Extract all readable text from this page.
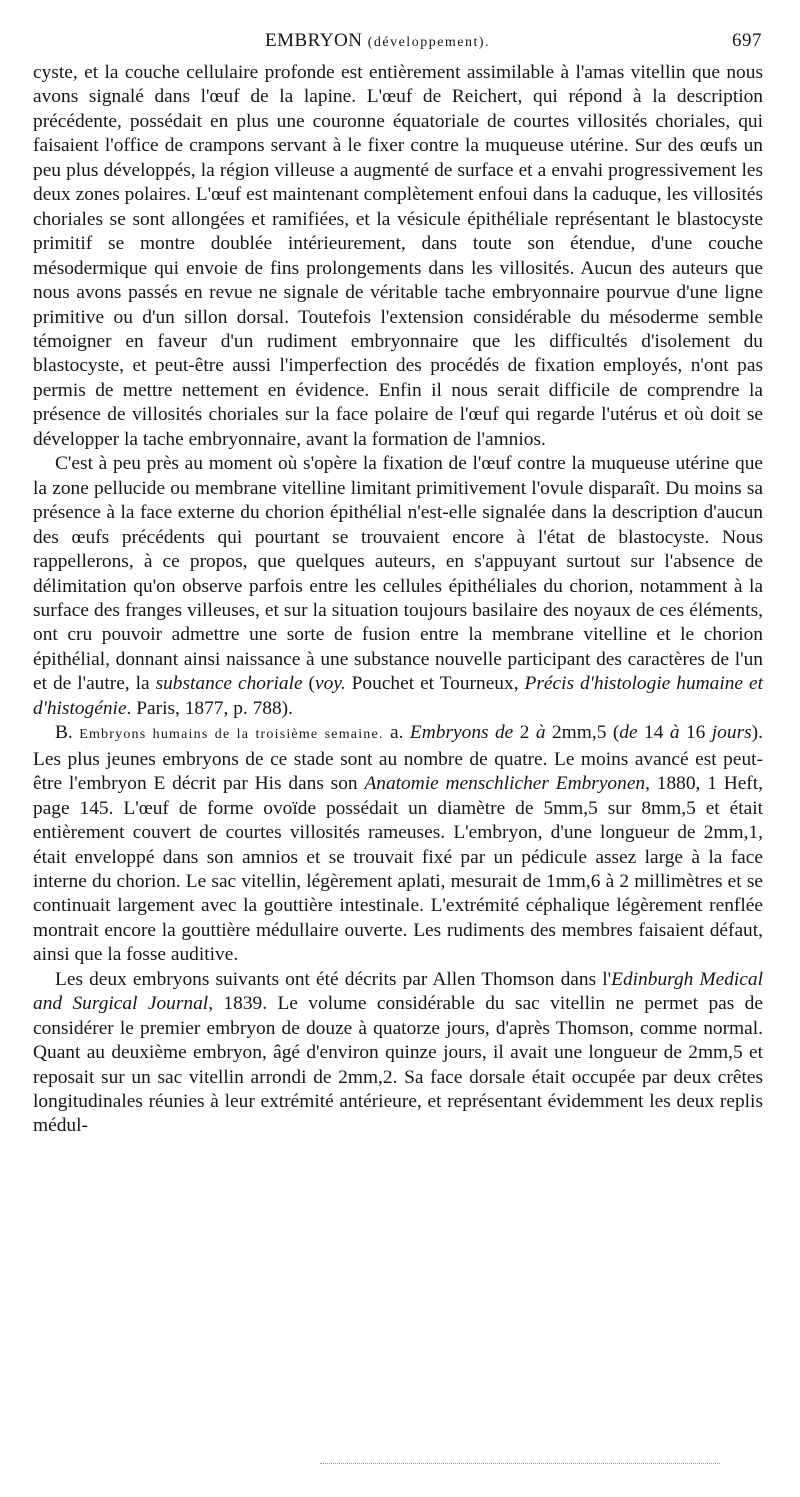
EMBRYON (développement).	697

cyste, et la couche cellulaire profonde est entièrement assimilable à l'amas vitellin que nous avons signalé dans l'œuf de la lapine. L'œuf de Reichert, qui répond à la description précédente, possédait en plus une couronne équatoriale de courtes villosités choriales, qui faisaient l'office de crampons servant à le fixer contre la muqueuse utérine. Sur des œufs un peu plus développés, la région villeuse a augmenté de surface et a envahi progressivement les deux zones polaires. L'œuf est maintenant complètement enfoui dans la caduque, les villosités choriales se sont allongées et ramifiées, et la vésicule épithéliale représentant le blastocyste primitif se montre doublée intérieurement, dans toute son étendue, d'une couche mésodermique qui envoie de fins prolongements dans les villosités. Aucun des auteurs que nous avons passés en revue ne signale de véritable tache embryonnaire pourvue d'une ligne primitive ou d'un sillon dorsal. Toutefois l'extension considérable du mésoderme semble témoigner en faveur d'un rudiment embryonnaire que les difficultés d'isolement du blastocyste, et peut-être aussi l'imperfection des procédés de fixation employés, n'ont pas permis de mettre nettement en évidence. Enfin il nous serait difficile de comprendre la présence de villosités choriales sur la face polaire de l'œuf qui regarde l'utérus et où doit se développer la tache embryonnaire, avant la formation de l'amnios.

C'est à peu près au moment où s'opère la fixation de l'œuf contre la muqueuse utérine que la zone pellucide ou membrane vitelline limitant primitivement l'ovule disparaît. Du moins sa présence à la face externe du chorion épithélial n'est-elle signalée dans la description d'aucun des œufs précédents qui pourtant se trouvaient encore à l'état de blastocyste. Nous rappellerons, à ce propos, que quelques auteurs, en s'appuyant surtout sur l'absence de délimitation qu'on observe parfois entre les cellules épithéliales du chorion, notamment à la surface des franges villeuses, et sur la situation toujours basilaire des noyaux de ces éléments, ont cru pouvoir admettre une sorte de fusion entre la membrane vitelline et le chorion épithélial, donnant ainsi naissance à une substance nouvelle participant des caractères de l'un et de l'autre, la substance choriale (voy. Pouchet et Tourneux, Précis d'histologie humaine et d'histogénie. Paris, 1877, p. 788).

B. Embryons humains de la troisième semaine. a. Embryons de 2 à 2mm,5 (de 14 à 16 jours). Les plus jeunes embryons de ce stade sont au nombre de quatre. Le moins avancé est peut-être l'embryon E décrit par His dans son Anatomie menschlicher Embryonen, 1880, 1 Heft, page 145. L'œuf de forme ovoïde possédait un diamètre de 5mm,5 sur 8mm,5 et était entièrement couvert de courtes villosités rameuses. L'embryon, d'une longueur de 2mm,1, était enveloppé dans son amnios et se trouvait fixé par un pédicule assez large à la face interne du chorion. Le sac vitellin, légèrement aplati, mesurait de 1mm,6 à 2 millimètres et se continuait largement avec la gouttière intestinale. L'extrémité céphalique légèrement renflée montrait encore la gouttière médullaire ouverte. Les rudiments des membres faisaient défaut, ainsi que la fosse auditive.

Les deux embryons suivants ont été décrits par Allen Thomson dans l'Edinburgh Medical and Surgical Journal, 1839. Le volume considérable du sac vitellin ne permet pas de considérer le premier embryon de douze à quatorze jours, d'après Thomson, comme normal. Quant au deuxième embryon, âgé d'environ quinze jours, il avait une longueur de 2mm,5 et reposait sur un sac vitellin arrondi de 2mm,2. Sa face dorsale était occupée par deux crêtes longitudinales réunies à leur extrémité antérieure, et représentant évidemment les deux replis médul-
